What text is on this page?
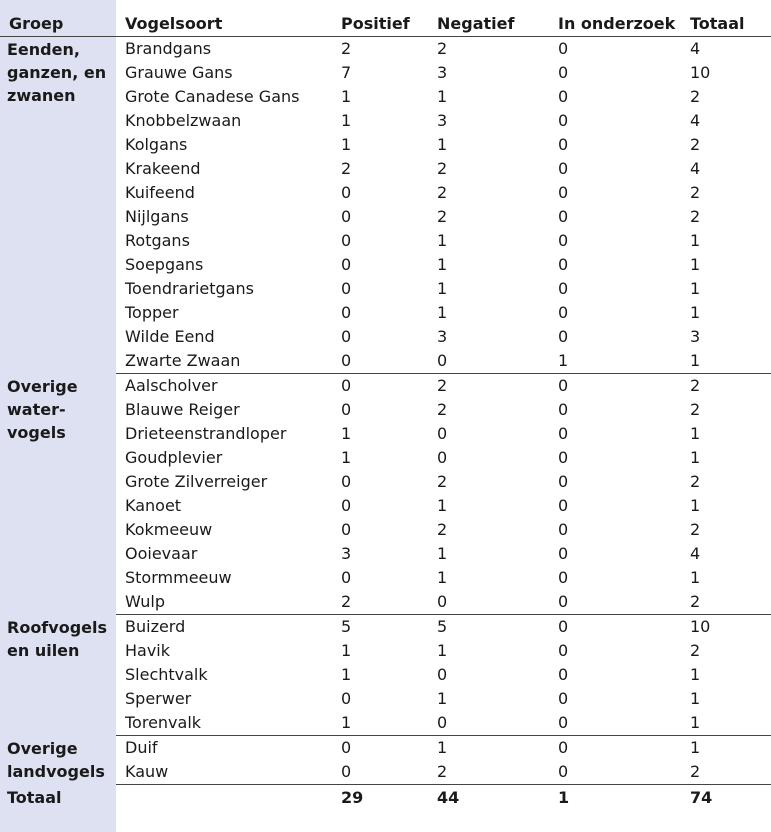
Groep	Vogelsoort	Positief	Negatief	In onderzoek	Totaal
Eenden, ganzen, en zwanen	Brandgans	2	2	0	4
	Grauwe Gans	7	3	0	10
	Grote Canadese Gans	1	1	0	2
	Knobbelzwaan	1	3	0	4
	Kolgans	1	1	0	2
	Krakeend	2	2	0	4
	Kuifeend	0	2	0	2
	Nijlgans	0	2	0	2
	Rotgans	0	1	0	1
	Soepgans	0	1	0	1
	Toendrarietgans	0	1	0	1
	Topper	0	1	0	1
	Wilde Eend	0	3	0	3
	Zwarte Zwaan	0	0	1	1
Overige water-vogels	Aalscholver	0	2	0	2
	Blauwe Reiger	0	2	0	2
	Drieteenstrandloper	1	0	0	1
	Goudplevier	1	0	0	1
	Grote Zilverreiger	0	2	0	2
	Kanoet	0	1	0	1
	Kokmeeuw	0	2	0	2
	Ooievaar	3	1	0	4
	Stormmeeuw	0	1	0	1
	Wulp	2	0	0	2
Roofvogels en uilen	Buizerd	5	5	0	10
	Havik	1	1	0	2
	Slechtvalk	1	0	0	1
	Sperwer	0	1	0	1
	Torenvalk	1	0	0	1
Overige landvogels	Duif	0	1	0	1
	Kauw	0	2	0	2
Totaal		29	44	1	74
